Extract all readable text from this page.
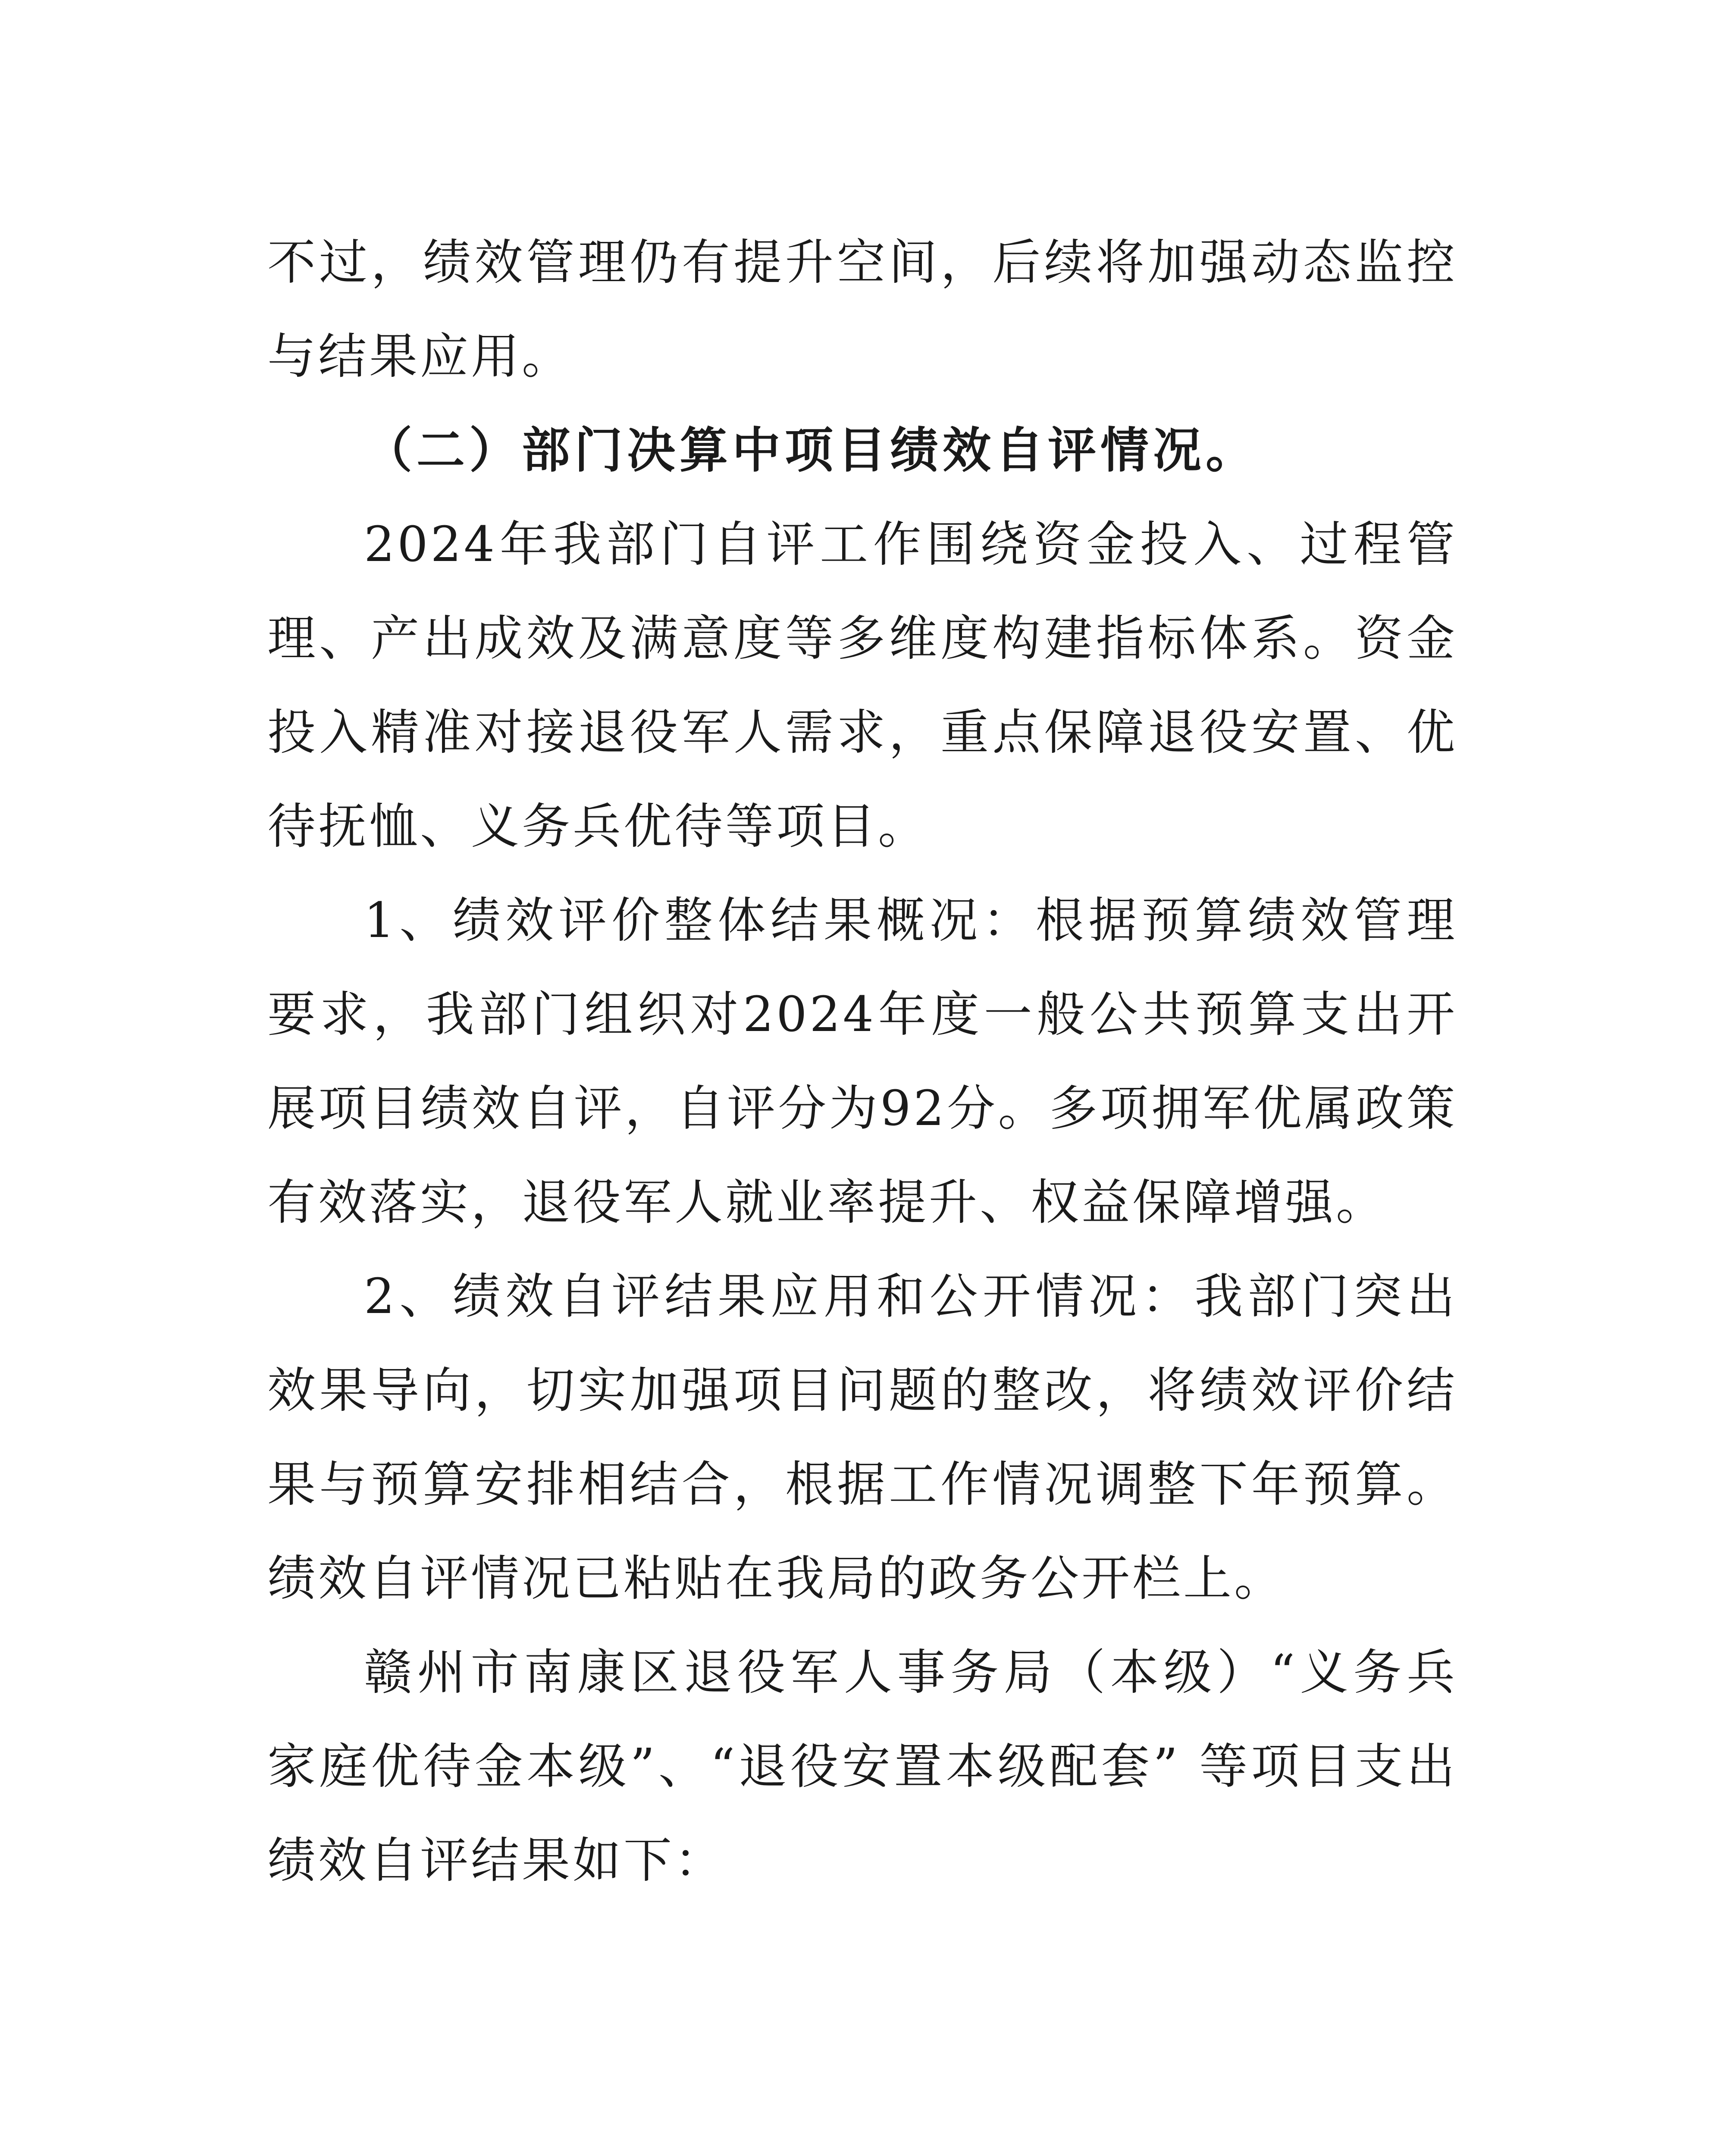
不过，绩效管理仍有提升空间，后续将加强动态监控与结果应用。

（二）部门决算中项目绩效自评情况。

2024年我部门自评工作围绕资金投入、过程管理、产出成效及满意度等多维度构建指标体系。资金投入精准对接退役军人需求，重点保障退役安置、优待抚恤、义务兵优待等项目。

1、绩效评价整体结果概况：根据预算绩效管理要求，我部门组织对2024年度一般公共预算支出开展项目绩效自评，自评分为92分。多项拥军优属政策有效落实，退役军人就业率提升、权益保障增强。

2、绩效自评结果应用和公开情况：我部门突出效果导向，切实加强项目问题的整改，将绩效评价结果与预算安排相结合，根据工作情况调整下年预算。绩效自评情况已粘贴在我局的政务公开栏上。

赣州市南康区退役军人事务局（本级）“义务兵家庭优待金本级”、“退役安置本级配套” 等项目支出绩效自评结果如下：
